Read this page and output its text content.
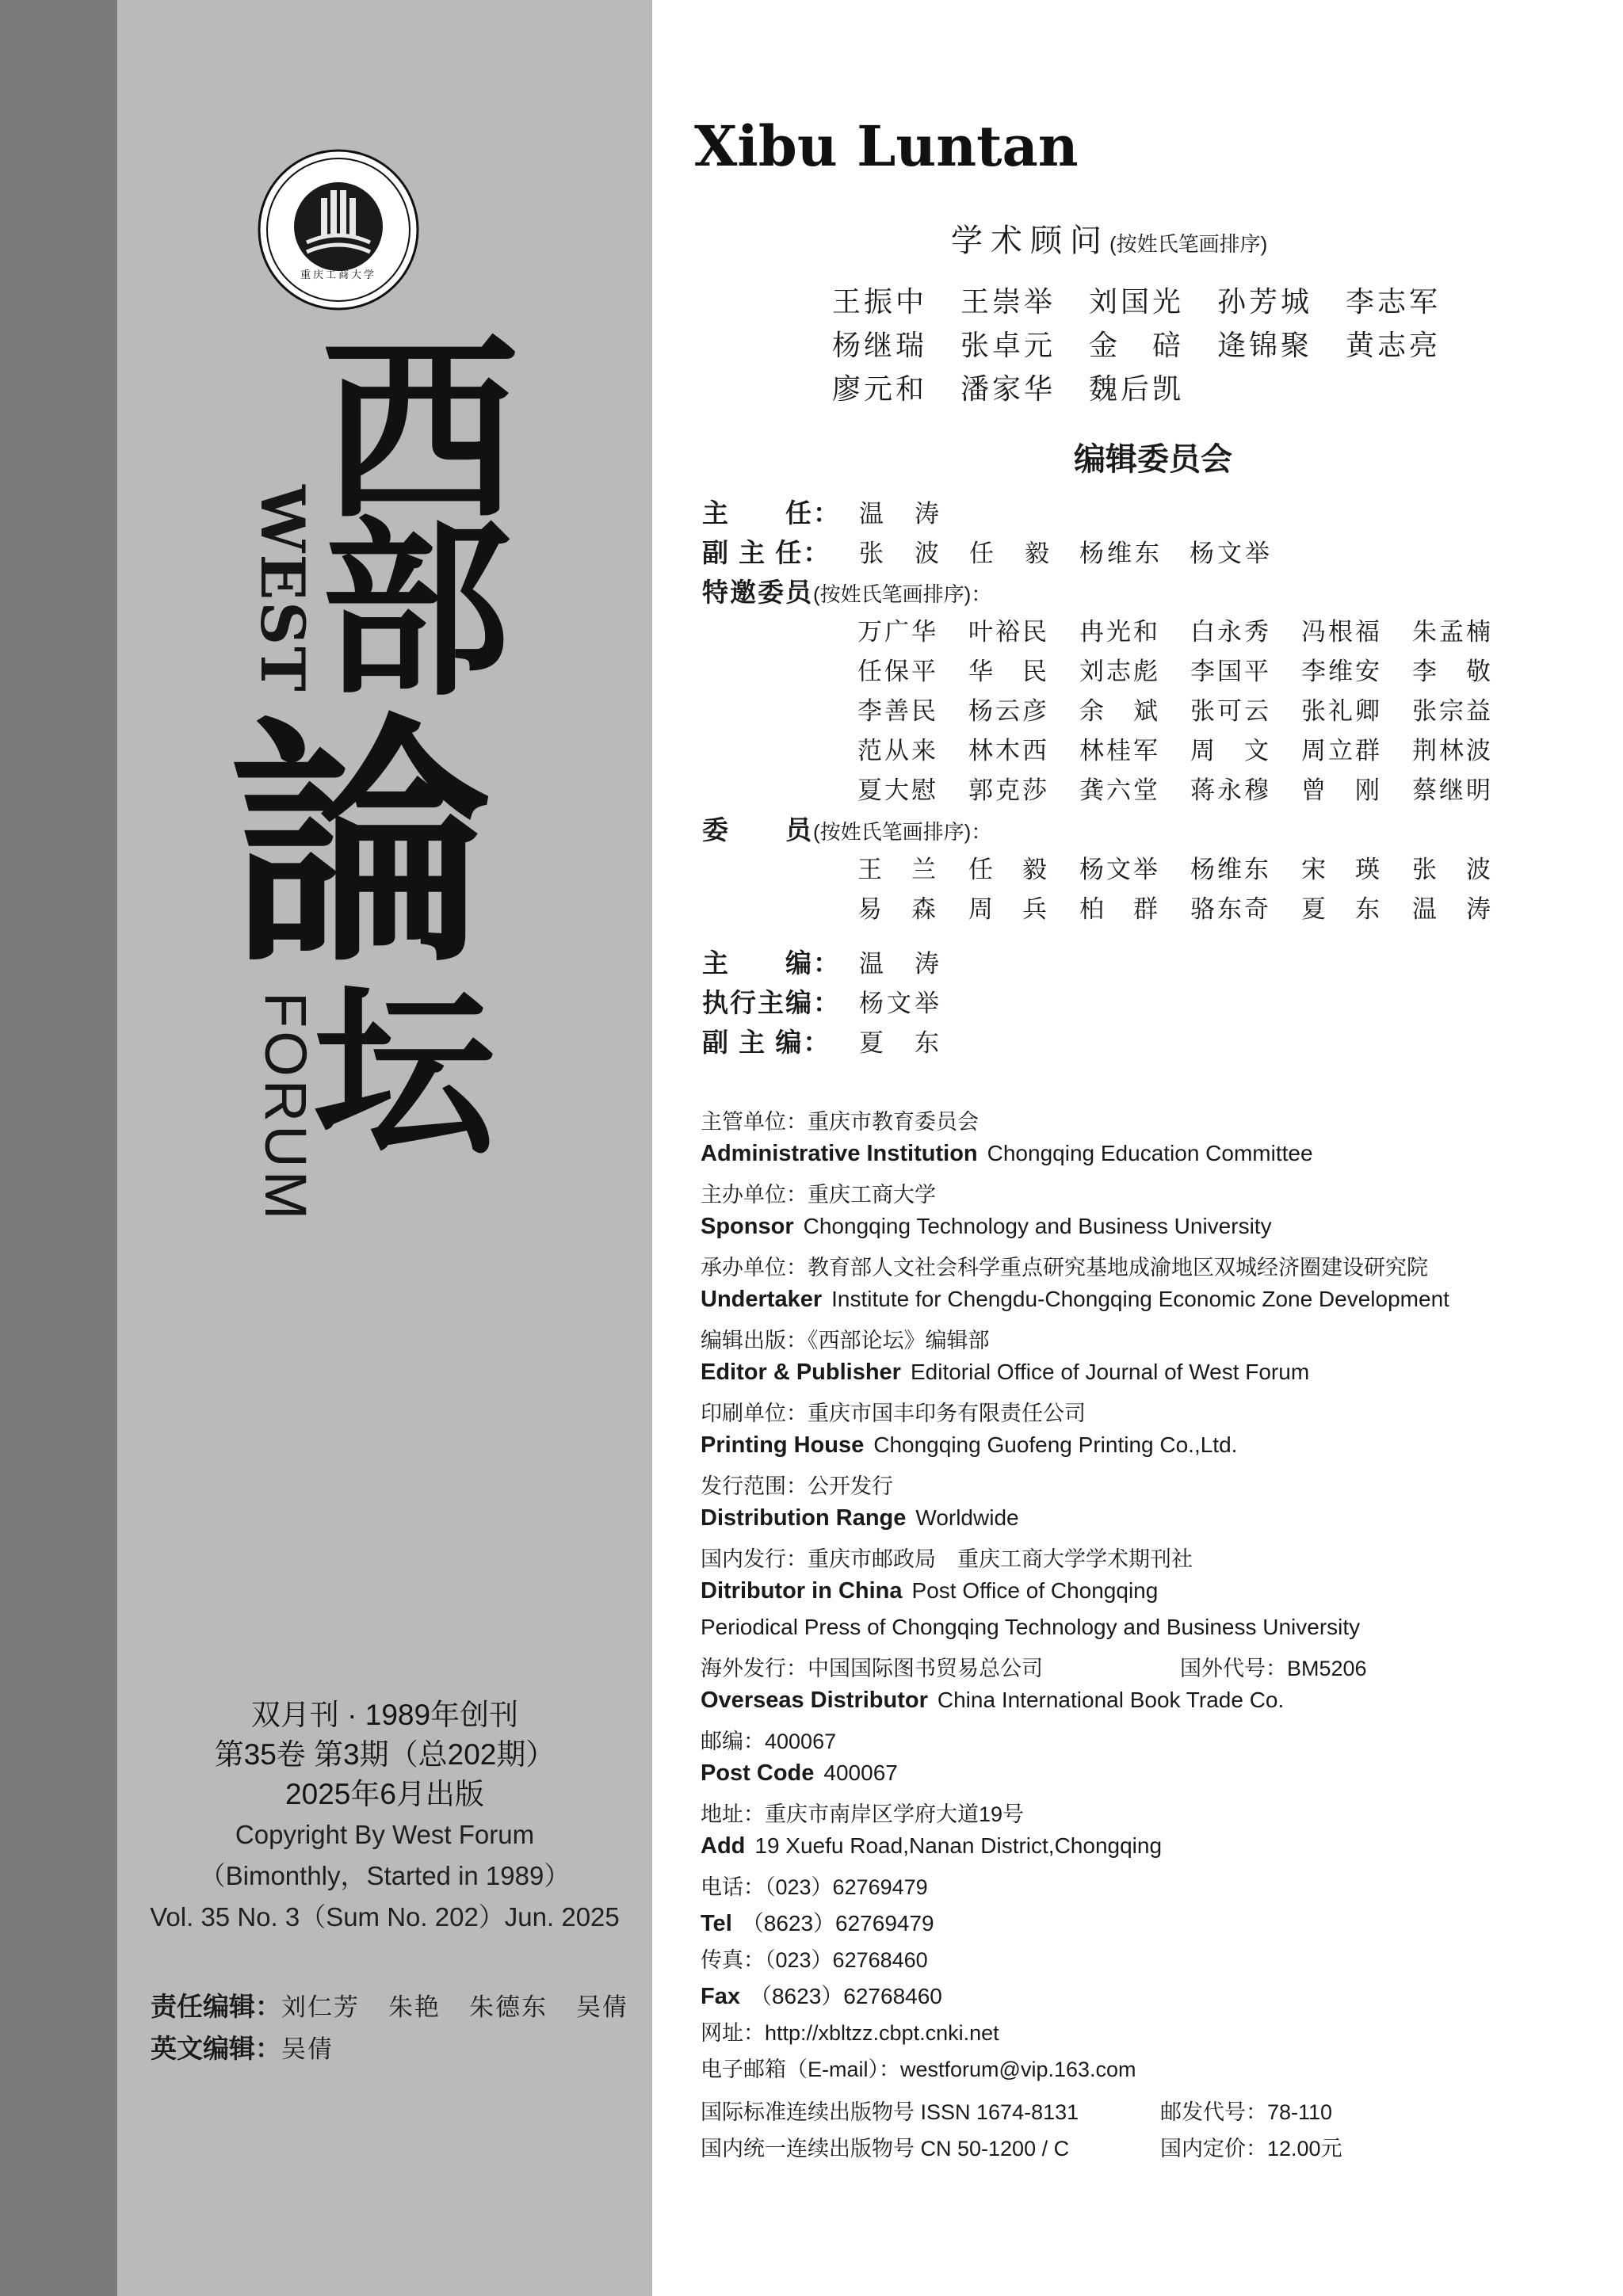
重庆工商大学
西
部
論
坛
WEST
FORUM
双月刊 · 1989年创刊
第35卷 第3期（总202期）
2025年6月出版
Copyright By West Forum
（Bimonthly，Started in 1989）
Vol. 35 No. 3（Sum No. 202）Jun. 2025
责任编辑：刘仁芳 朱艳 朱德东 吴倩
英文编辑：吴倩
Xibu Luntan
学术顾问(按姓氏笔画排序)
王振中	王崇举	刘国光	孙芳城	李志军
杨继瑞	张卓元	金　碚	逄锦聚	黄志亮
廖元和	潘家华	魏后凯
编辑委员会
主　　任： 温　涛
副 主 任：	张　波 任　毅 杨维东 杨文举
特邀委员 (按姓氏笔画排序)：
万广华	叶裕民	冉光和	白永秀	冯根福	朱孟楠
任保平	华　民	刘志彪	李国平	李维安	李　敬
李善民	杨云彦	余　斌	张可云	张礼卿	张宗益
范从来	林木西	林桂军	周　文	周立群	荆林波
夏大慰	郭克莎	龚六堂	蒋永穆	曾　刚	蔡继明
委　　员 (按姓氏笔画排序)：
王　兰	任　毅	杨文举	杨维东	宋　瑛	张　波
易　森	周　兵	柏　群	骆东奇	夏　东	温　涛
主　　编： 温　涛
执行主编： 杨文举
副 主 编：	夏　东
主管单位：重庆市教育委员会
Administrative Institution Chongqing Education Committee
主办单位：重庆工商大学
Sponsor Chongqing Technology and Business University
承办单位：教育部人文社会科学重点研究基地成渝地区双城经济圈建设研究院
Undertaker Institute for Chengdu-Chongqing Economic Zone Development
编辑出版：《西部论坛》编辑部
Editor & Publisher Editorial Office of Journal of West Forum
印刷单位：重庆市国丰印务有限责任公司
Printing House Chongqing Guofeng Printing Co.,Ltd.
发行范围：公开发行
Distribution Range Worldwide
国内发行：重庆市邮政局　重庆工商大学学术期刊社
Ditributor in China Post Office of Chongqing
Periodical Press of Chongqing Technology and Business University
海外发行：中国国际图书贸易总公司	国外代号：BM5206
Overseas Distributor China International Book Trade Co.
邮编：400067
Post Code 400067
地址：重庆市南岸区学府大道19号
Add 19 Xuefu Road,Nanan District,Chongqing
电话：（023）62769479
Tel （8623）62769479
传真：（023）62768460
Fax （8623）62768460
网址：http://xbltzz.cbpt.cnki.net
电子邮箱（E-mail）：westforum@vip.163.com
国际标准连续出版物号 ISSN 1674-8131	邮发代号：78-110
国内统一连续出版物号 CN 50-1200 / C	国内定价：12.00元
